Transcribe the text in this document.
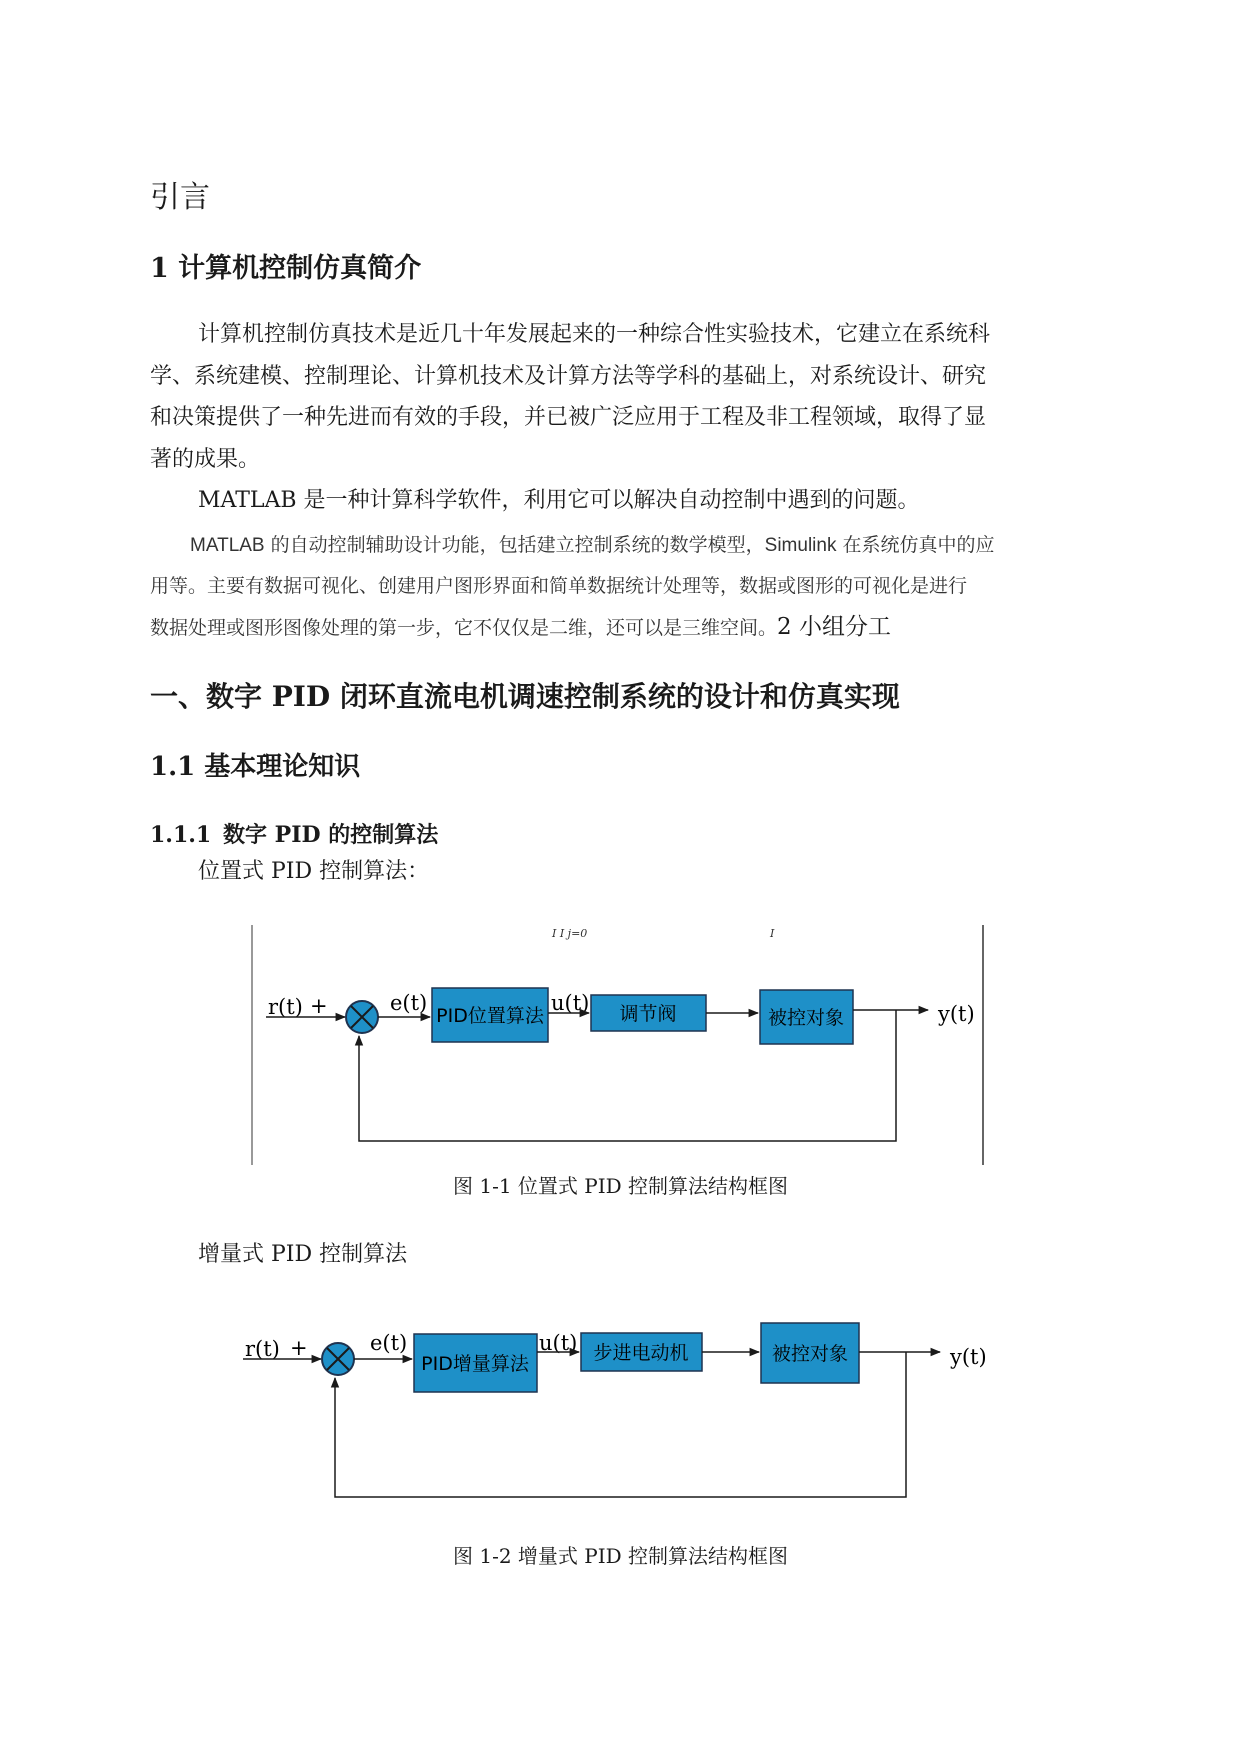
引言
1 计算机控制仿真简介
计算机控制仿真技术是近几十年发展起来的一种综合性实验技术，它建立在系统科
学、系统建模、控制理论、计算机技术及计算方法等学科的基础上，对系统设计、研究
和决策提供了一种先进而有效的手段，并已被广泛应用于工程及非工程领域，取得了显
著的成果。
MATLAB 是一种计算科学软件，利用它可以解决自动控制中遇到的问题。
MATLAB 的自动控制辅助设计功能，包括建立控制系统的数学模型，Simulink 在系统仿真中的应
用等。主要有数据可视化、创建用户图形界面和简单数据统计处理等，数据或图形的可视化是进行
数据处理或图形图像处理的第一步，它不仅仅是二维，还可以是三维空间。2 小组分工
一、数字 PID 闭环直流电机调速控制系统的设计和仿真实现
1.1 基本理论知识
1.1.1 数字 PID 的控制算法
位置式 PID 控制算法：
I I j=0	I
r(t) +	e(t)
PID位置算法
u(t) 调节阀	被控对象	y(t)
图 1-1 位置式 PID 控制算法结构框图
增量式 PID 控制算法
r(t) +	e(t)
PID增量算法
u(t) 步进电动机	被控对象	y(t)
图 1-2 增量式 PID 控制算法结构框图
